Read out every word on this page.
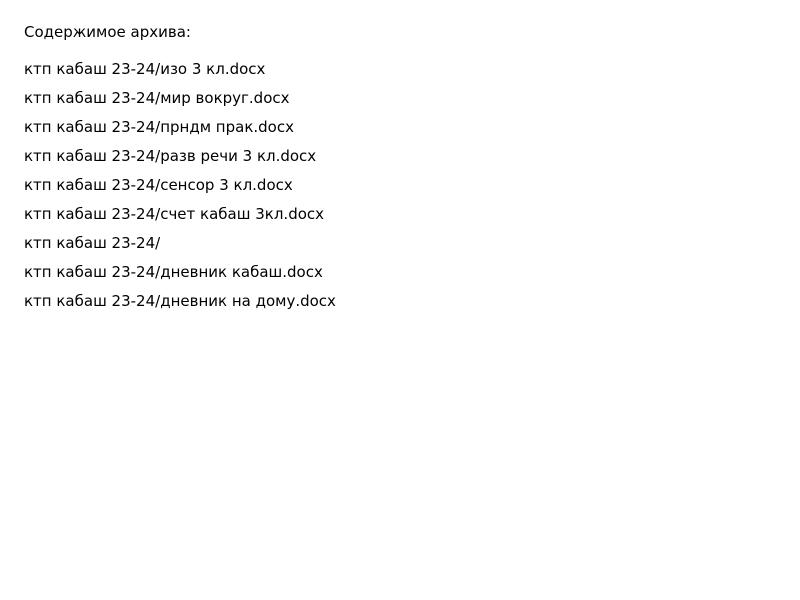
Содержимое архива:

ктп кабаш 23-24/изо 3 кл.docx
ктп кабаш 23-24/мир вокруг.docx
ктп кабаш 23-24/прндм прак.docx
ктп кабаш 23-24/разв речи 3 кл.docx
ктп кабаш 23-24/сенсор 3 кл.docx
ктп кабаш 23-24/счет кабаш 3кл.docx
ктп кабаш 23-24/
ктп кабаш 23-24/дневник кабаш.docx
ктп кабаш 23-24/дневник на дому.docx
